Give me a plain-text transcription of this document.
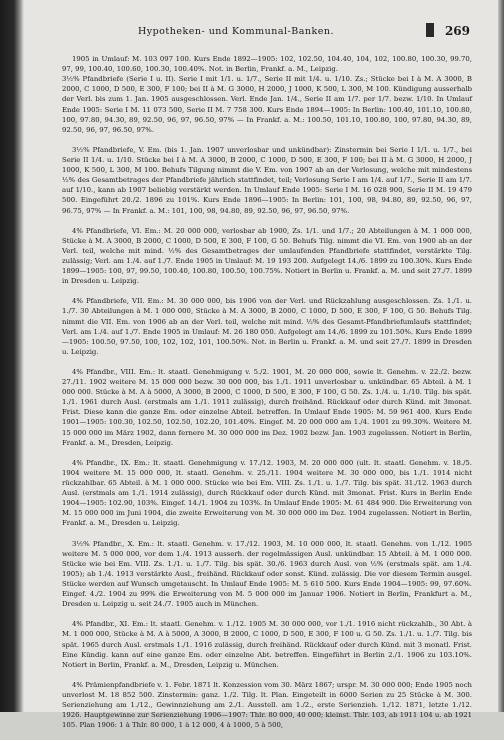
Hypotheken- und Kommunal-Banken.	269

1905 in Umlauf: M. 103 097 100. Kurs Ende 1892—1905: 102, 102.50, 104.40, 104, 102, 100.80, 100.30, 99.70, 97, 99, 100.40, 100.60, 100.30, 100.40%. Not. in Berlin, Frankf. a. M., Leipzig.
3½% Pfandbriefe (Serie I u. II). Serie I mit 1/1. u. 1/7., Serie II mit 1/4. u. 1/10. Zs.; Stücke bei I à M. A 3000, B 2000, C 1000, D 500, E 300, F 100; bei II à M. G 3000, H 2000, J 1000, K 500, L 300, M 100. Kündigung ausserhalb der Verl. bis zum 1. Jan. 1905 ausgeschlossen. Verl. Ende Jan. 1/4., Serie II am 1/7. per 1/7. bezw. 1/10. In Umlauf Ende 1905: Serie I M. 11 073 500, Serie II M. 7 758 300. Kurs Ende 1894—1905: In Berlin: 100.40, 101.10, 100.80, 100, 97.80, 94.30, 89, 92.50, 96, 97, 96.50, 97% — In Frankf. a. M.: 100.50, 101.10, 100.80, 100, 97.80, 94.30, 89, 92.50, 96, 97, 96.50, 97%.

3½% Pfandbriefe, V. Em. (bis 1. Jan. 1907 unverlosbar und unkündbar): Zinstermin bei Serie I 1/1. u. 1/7., bei Serie II 1/4. u. 1/10. Stücke bei I à M. A 3000, B 2000, C 1000, D 500, E 300, F 100; bei II à M. G 3000, H 2000, J 1000, K 500, L 300, M 100. Behufs Tilgung nimmt die V. Em. von 1907 ab an der Verlosung, welche mit mindestens ⅟₂% des Gesamtbetrages der Pfandbriefe jährlich stattfindet, teil; Verlosung Serie I am 1/4. auf 1/7., Serie II am 1/7. auf 1/10., kann ab 1907 beliebig verstärkt werden. In Umlauf Ende 1905: Serie I M. 16 028 900, Serie II M. 19 479 500. Eingeführt 20./2. 1896 zu 101%. Kurs Ende 1896—1905: In Berlin: 101, 100, 98, 94.80, 89, 92.50, 96, 97, 96.75, 97% — In Frankf. a. M.: 101, 100, 98, 94.80, 89, 92.50, 96, 97, 96.50, 97%.

4% Pfandbriefe, VI. Em.: M. 20 000 000, verlosbar ab 1900, Zs. 1/1. und 1/7.; 20 Abteilungen à M. 1 000 000, Stücke à M. A 3000, B 2000, C 1000, D 500, E 300, F 100, G 50. Behufs Tilg. nimmt die VI. Em. von 1900 ab an der Verl. teil, welche mit mind. ⅟₂% des Gesamtbetrages der umlaufenden Pfandbriefe stattfindet, verstärkte Tilg. zulässig; Verl. am 1./4. auf 1./7. Ende 1905 in Umlauf: M. 19 193 200. Aufgelegt 14./6. 1899 zu 100.30%. Kurs Ende 1899—1905: 100, 97, 99.50, 100.40, 100.80, 100.50, 100.75%. Notiert in Berlin u. Frankf. a. M. und seit 27./7. 1899 in Dresden u. Leipzig.

4% Pfandbriefe, VII. Em.: M. 30 000 000, bis 1906 von der Verl. und Rückzahlung ausgeschlossen. Zs. 1./1. u. 1./7. 30 Abteilungen à M. 1 000 000, Stücke à M. A 3000, B 2000, C 1000, D 500, E 300, F 100, G 50. Behufs Tilg. nimmt die VII. Em. von 1906 ab an der Verl. teil, welche mit mind. ⅟₂% des Gesamt-Pfandbriefumlaufs stattfindet; Verl. am 1./4. auf 1./7. Ende 1905 in Umlauf: M. 26 180 050. Aufgelegt am 14./6. 1899 zu 101.50%. Kurs Ende 1899—1905: 100.50, 97.50, 100, 102, 102, 101, 100.50%. Not. in Berlin u. Frankf. a. M. und seit 27./7. 1899 in Dresden u. Leipzig.

4% Pfandbr., VIII. Em.: lt. staatl. Genehmigung v. 5./2. 1901, M. 20 000 000, sowie lt. Genehm. v. 22./2. bezw. 27./11. 1902 weitere M. 15 000 000 bezw. 30 000 000, bis 1./1. 1911 unverlosbar u. unkündbar. 65 Abteil. à M. 1 000 000. Stücke à M. A à 5000, A 3000, B 2000, C 1000, D 500, E 300, F 100, G 50. Zs. 1./4. u. 1./10. Tilg. bis spät. 1./1. 1961 durch Ausl. (erstmals am 1./1. 1911 zulässig), durch freihänd. Rückkauf oder durch Künd. mit 3monat. Frist. Diese kann die ganze Em. oder einzelne Abteil. betreffen. In Umlauf Ende 1905: M. 59 961 400. Kurs Ende 1901—1905: 100.30, 102.50, 102.50, 102.20, 101.40%. Eingef. M. 20 000 000 am 1./4. 1901 zu 99.30%. Weitere M. 15 000 000 im März 1902, dann fernere M. 30 000 000 im Dez. 1902 bezw. Jan. 1903 zugelassen. Notiert in Berlin, Frankf. a. M., Dresden, Leipzig.

4% Pfandbr., IX. Em.: lt. staatl. Genehmigung v. 17./12. 1903, M. 20 000 000 (ult. lt. staatl. Genehm. v. 18./5. 1904 weitere M. 15 000 000, lt. staatl. Genehm. v. 25./11. 1904 weitere M. 30 000 000, bis 1./1. 1914 nicht rückzahlbar. 65 Abteil. à M. 1 000 000. Stücke wie bei Em. VIII. Zs. 1./1. u. 1./7. Tilg. bis spät. 31./12. 1963 durch Ausl. (erstmals am 1./1. 1914 zulässig), durch Rückkauf oder durch Künd. mit 3monat. Frist. Kurs in Berlin Ende 1904—1905: 102.90, 103%. Eingef. 14./1. 1904 zu 103%. In Umlauf Ende 1905: M. 61 484 900. Die Erweiterung von M. 15 000 000 im Juni 1904, die zweite Erweiterung von M. 30 000 000 im Dez. 1904 zugelassen. Notiert in Berlin, Frankf. a. M., Dresden u. Leipzig.

3½% Pfandbr., X. Em.: lt. staatl. Genehm. v. 17./12. 1903, M. 10 000 000, lt. staatl. Genehm. von 1./12. 1905 weitere M. 5 000 000, vor dem 1./4. 1913 ausserh. der regelmässigen Ausl. unkündbar. 15 Abteil. à M. 1 000 000. Stücke wie bei Em. VIII. Zs. 1./1. u. 1./7. Tilg. bis spät. 30./6. 1963 durch Ausl. von ⅟₂% (erstmals spät. am 1./4. 1905); ab 1./4. 1913 verstärkte Ausl., freihänd. Rückkauf oder sonst. Künd. zulässig. Die vor diesem Termin ausgel. Stücke werden auf Wunsch umgetauscht. In Umlauf Ende 1905: M. 5 610 500. Kurs Ende 1904—1905: 99, 97.60%. Eingef. 4./2. 1904 zu 99% die Erweiterung von M. 5 000 000 im Januar 1906. Notiert in Berlin, Frankfurt a. M., Dresden u. Leipzig u. seit 24./7. 1905 auch in München.

4% Pfandbr., XI. Em.: lt. staatl. Genehm. v. 1./12. 1905 M. 30 000 000, vor 1./1. 1916 nicht rückzahlb., 30 Abt. à M. 1 000 000, Stücke à M. A à 5000, A 3000, B 2000, C 1000, D 500, E 300, F 100 u. G 50. Zs. 1./1. u. 1./7. Tilg. bis spät. 1965 durch Ausl. erstmals 1./1. 1916 zulässig, durch freihänd. Rückkauf oder durch Künd. mit 3 monatl. Frist. Eine Kündig. kann auf eine ganze Em. oder einzelne Abt. betreffen. Eingeführt in Berlin 2./1. 1906 zu 103.10%. Notiert in Berlin, Frankf. a. M., Dresden, Leipzig u. München.

4% Prämienpfandbriefe v. 1. Febr. 1871 lt. Konzession vom 30. März 1867; urspr. M. 30 000 000; Ende 1905 noch unverlost M. 18 852 500. Zinstermin: ganz. 1./2. Tilg. lt. Plan. Eingeteilt in 6000 Serien zu 25 Stücke à M. 300. Serienziehung am 1./12., Gewinnziehung am 2./1. Ausstell. am 1./2., erste Serienzieh. 1./12. 1871, letzte 1./12. 1926. Hauptgewinne zur Serienziehung 1906—1907: Thlr. 80 000, 40 000; kleinst. Thlr. 103, ab 1911 104 u. ab 1921 105. Plan 1906: 1 à Thlr. 80 000, 1 à 12 000, 4 à 1000, 5 à 500,
